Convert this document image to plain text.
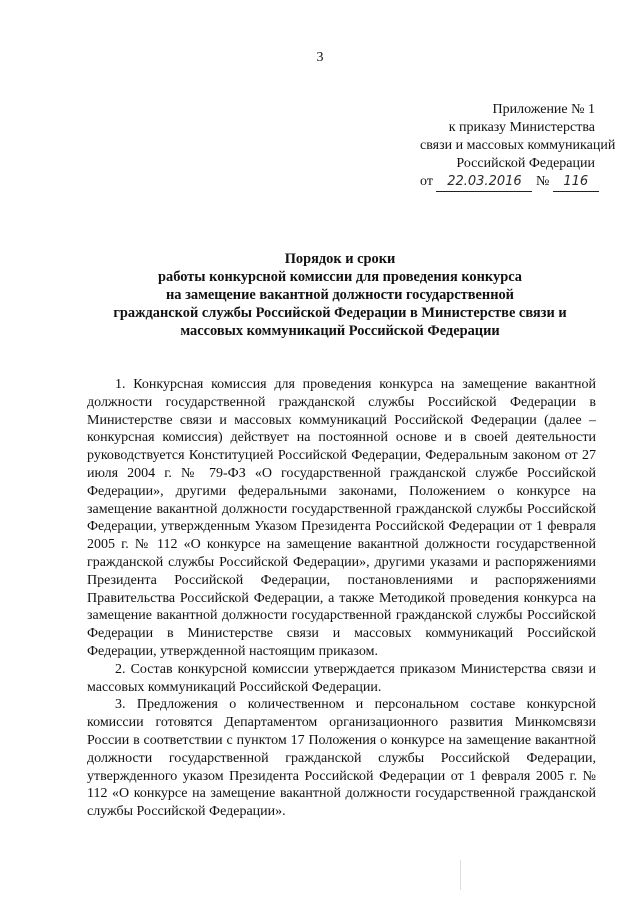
3
Приложение № 1
к приказу Министерства
связи и массовых коммуникаций
Российской Федерации
от 22.03.2016 № 116
Порядок и сроки
работы конкурсной комиссии для проведения конкурса
на замещение вакантной должности государственной
гражданской службы Российской Федерации в Министерстве связи и
массовых коммуникаций Российской Федерации

1. Конкурсная комиссия для проведения конкурса на замещение вакантной должности государственной гражданской службы Российской Федерации в Министерстве связи и массовых коммуникаций Российской Федерации (далее – конкурсная комиссия) действует на постоянной основе и в своей деятельности руководствуется Конституцией Российской Федерации, Федеральным законом от 27 июля 2004 г. № 79-ФЗ «О государственной гражданской службе Российской Федерации», другими федеральными законами, Положением о конкурсе на замещение вакантной должности государственной гражданской службы Российской Федерации, утвержденным Указом Президента Российской Федерации от 1 февраля 2005 г. № 112 «О конкурсе на замещение вакантной должности государственной гражданской службы Российской Федерации», другими указами и распоряжениями Президента Российской Федерации, постановлениями и распоряжениями Правительства Российской Федерации, а также Методикой проведения конкурса на замещение вакантной должности государственной гражданской службы Российской Федерации в Министерстве связи и массовых коммуникаций Российской Федерации, утвержденной настоящим приказом.

2. Состав конкурсной комиссии утверждается приказом Министерства связи и массовых коммуникаций Российской Федерации.

3. Предложения о количественном и персональном составе конкурсной комиссии готовятся Департаментом организационного развития Минкомсвязи России в соответствии с пунктом 17 Положения о конкурсе на замещение вакантной должности государственной гражданской службы Российской Федерации, утвержденного указом Президента Российской Федерации от 1 февраля 2005 г. № 112 «О конкурсе на замещение вакантной должности государственной гражданской службы Российской Федерации».
